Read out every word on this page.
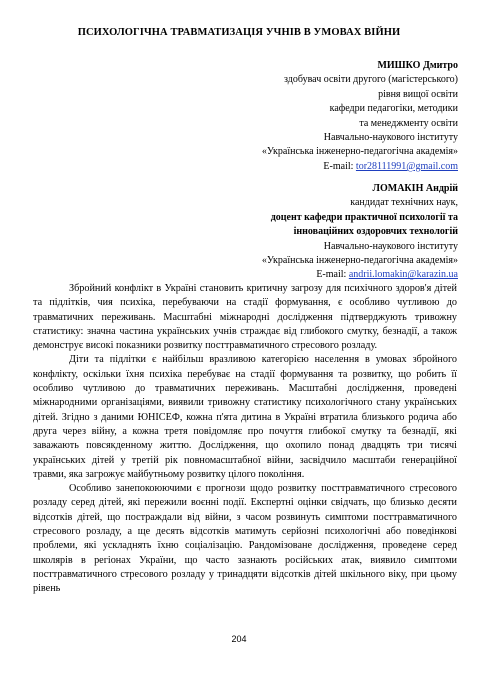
ПСИХОЛОГІЧНА ТРАВМАТИЗАЦІЯ УЧНІВ В УМОВАХ ВІЙНИ
МИШКО Дмитро
здобувач освіти другого (магістерського)
рівня вищої освіти
кафедри педагогіки, методики
та менеджменту освіти
Навчально-наукового інституту
«Українська інженерно-педагогічна академія»
E-mail: tor28111991@gmail.com
ЛОМАКІН Андрій
кандидат технічних наук,
доцент кафедри практичної психології та
інноваційних оздоровчих технологій
Навчально-наукового інституту
«Українська інженерно-педагогічна академія»
E-mail: andrii.lomakin@karazin.ua

Збройний конфлікт в Україні становить критичну загрозу для психічного здоров'я дітей та підлітків, чия психіка, перебуваючи на стадії формування, є особливо чутливою до травматичних переживань. Масштабні міжнародні дослідження підтверджують тривожну статистику: значна частина українських учнів страждає від глибокого смутку, безнадії, а також демонструє високі показники розвитку посттравматичного стресового розладу.

Діти та підлітки є найбільш вразливою категорією населення в умовах збройного конфлікту, оскільки їхня психіка перебуває на стадії формування та розвитку, що робить її особливо чутливою до травматичних переживань. Масштабні дослідження, проведені міжнародними організаціями, виявили тривожну статистику психологічного стану українських дітей. Згідно з даними ЮНІСЕФ, кожна п'ята дитина в Україні втратила близького родича або друга через війну, а кожна третя повідомляє про почуття глибокої смутку та безнадії, які заважають повсякденному життю. Дослідження, що охопило понад двадцять три тисячі українських дітей у третій рік повномасштабної війни, засвідчило масштаби генераційної травми, яка загрожує майбутньому розвитку цілого покоління.

Особливо занепокоюючими є прогнози щодо розвитку посттравматичного стресового розладу серед дітей, які пережили воєнні події. Експертні оцінки свідчать, що близько десяти відсотків дітей, що постраждали від війни, з часом розвинуть симптоми посттравматичного стресового розладу, а ще десять відсотків матимуть серйозні психологічні або поведінкові проблеми, які ускладнять їхню соціалізацію. Рандомізоване дослідження, проведене серед школярів в регіонах України, що часто зазнають російських атак, виявило симптоми посттравматичного стресового розладу у тринадцяти відсотків дітей шкільного віку, при цьому рівень

204
